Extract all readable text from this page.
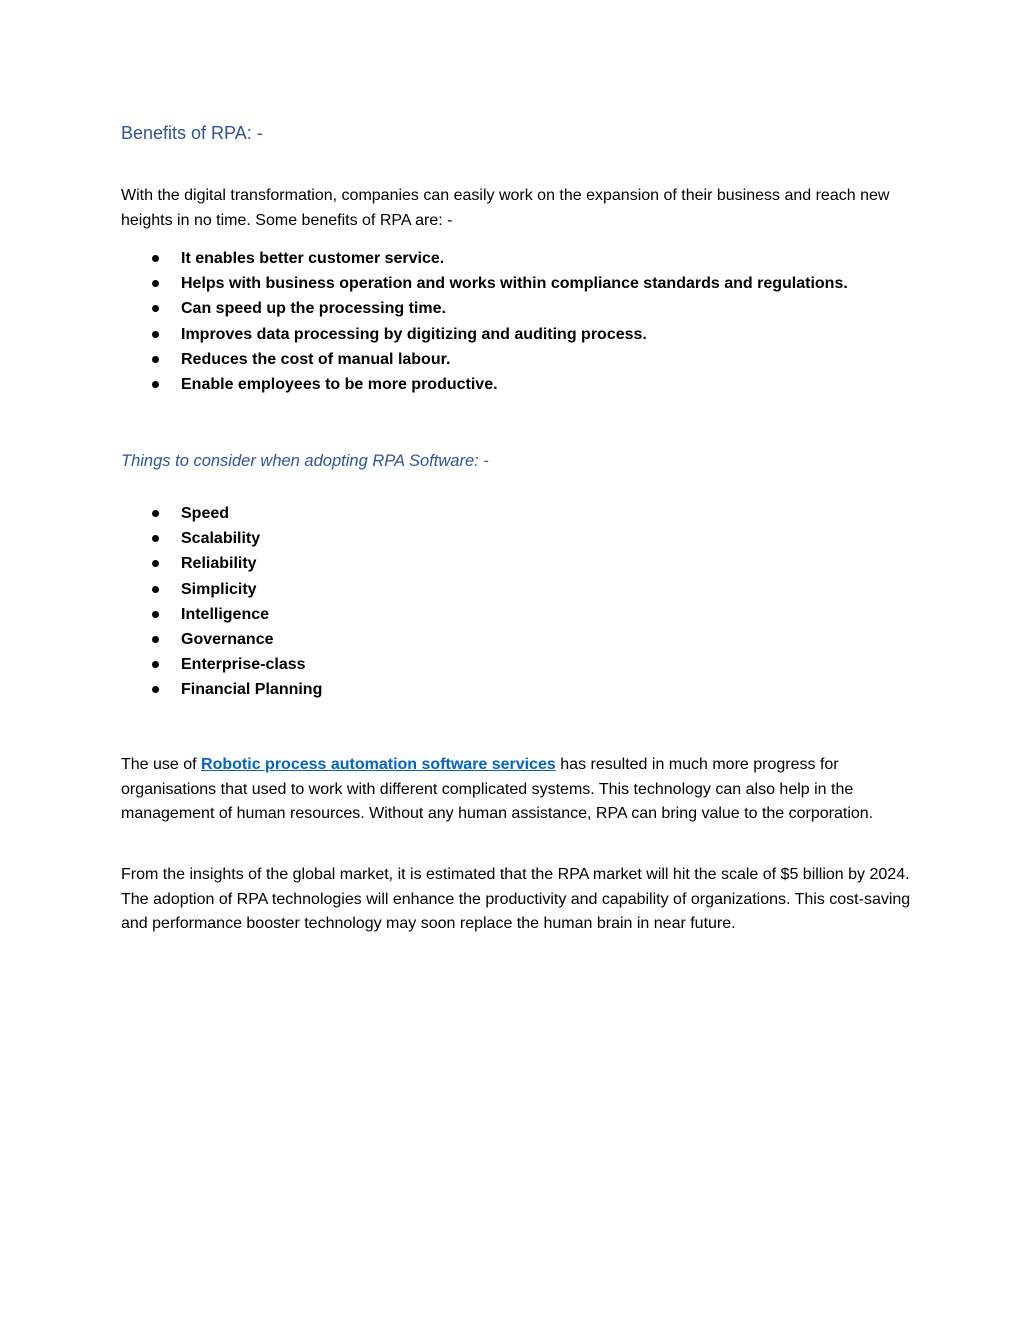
Benefits of RPA: -

With the digital transformation, companies can easily work on the expansion of their business and reach new heights in no time. Some benefits of RPA are: -

It enables better customer service.
Helps with business operation and works within compliance standards and regulations.
Can speed up the processing time.
Improves data processing by digitizing and auditing process.
Reduces the cost of manual labour.
Enable employees to be more productive.
Things to consider when adopting RPA Software: -
Speed
Scalability
Reliability
Simplicity
Intelligence
Governance
Enterprise-class
Financial Planning

The use of Robotic process automation software services has resulted in much more progress for organisations that used to work with different complicated systems. This technology can also help in the management of human resources. Without any human assistance, RPA can bring value to the corporation.

From the insights of the global market, it is estimated that the RPA market will hit the scale of $5 billion by 2024. The adoption of RPA technologies will enhance the productivity and capability of organizations. This cost-saving and performance booster technology may soon replace the human brain in near future.
